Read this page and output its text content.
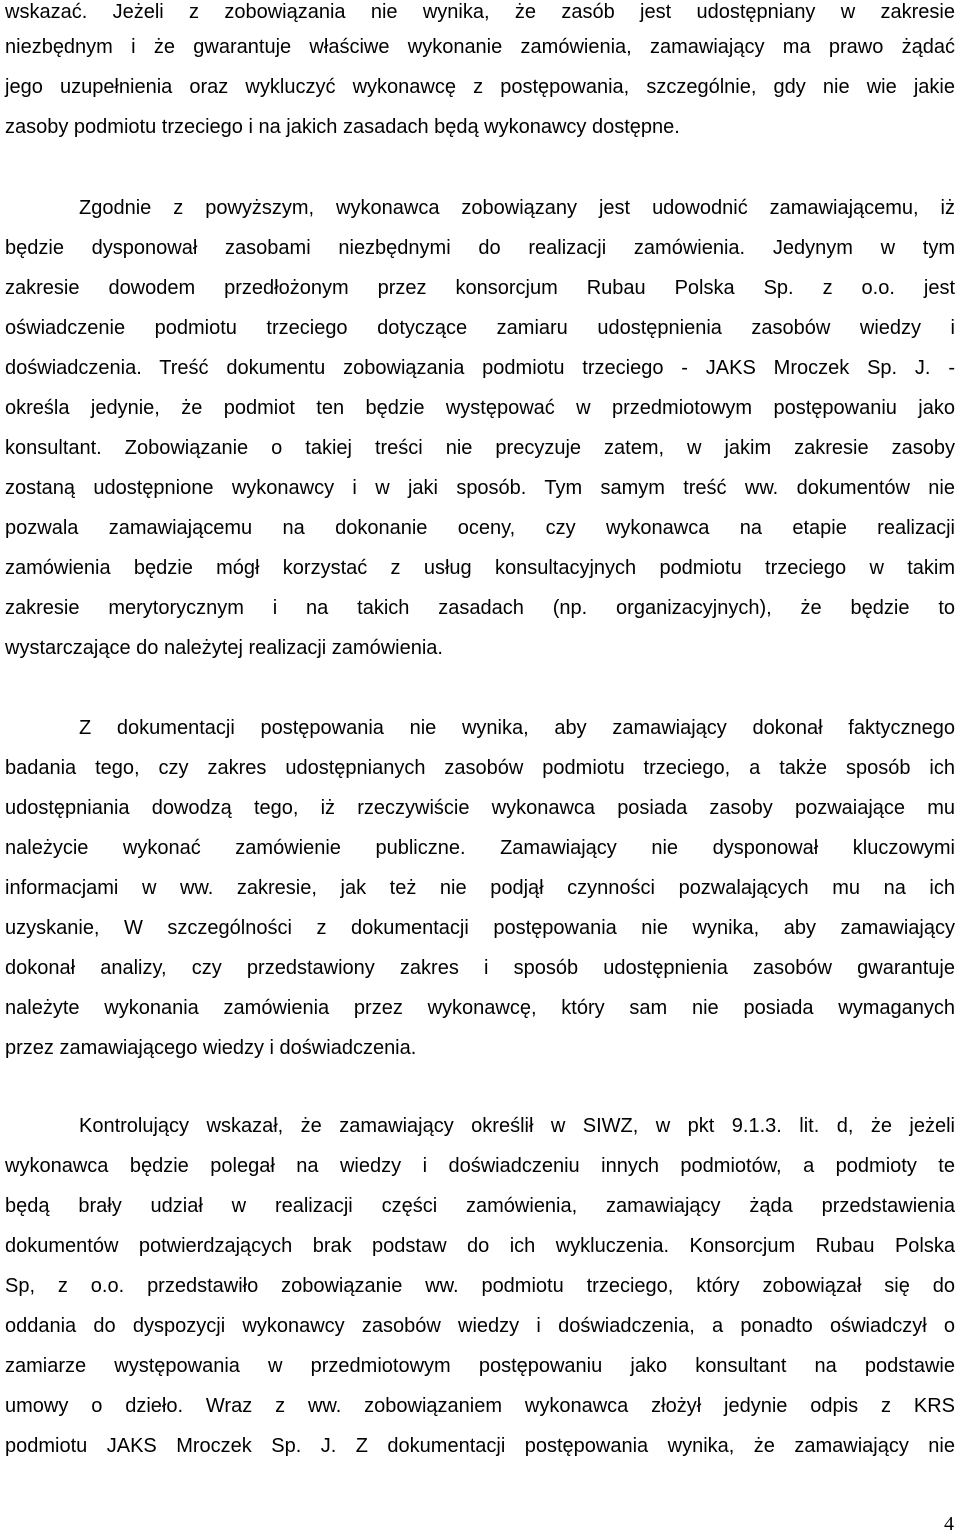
wskazać. Jeżeli z zobowiązania nie wynika, że zasób jest udostępniany w zakresie
niezbędnym i że gwarantuje właściwe wykonanie zamówienia, zamawiający ma prawo żądać
jego uzupełnienia oraz wykluczyć wykonawcę z postępowania, szczególnie, gdy nie wie jakie
zasoby podmiotu trzeciego i na jakich zasadach będą wykonawcy dostępne.
Zgodnie z powyższym, wykonawca zobowiązany jest udowodnić zamawiającemu, iż
będzie dysponował zasobami niezbędnymi do realizacji zamówienia. Jedynym w tym
zakresie dowodem przedłożonym przez konsorcjum Rubau Polska Sp. z o.o. jest
oświadczenie podmiotu trzeciego dotyczące zamiaru udostępnienia zasobów wiedzy i
doświadczenia. Treść dokumentu zobowiązania podmiotu trzeciego - JAKS Mroczek Sp. J. -
określa jedynie, że podmiot ten będzie występować w przedmiotowym postępowaniu jako
konsultant. Zobowiązanie o takiej treści nie precyzuje zatem, w jakim zakresie zasoby
zostaną udostępnione wykonawcy i w jaki sposób. Tym samym treść ww. dokumentów nie
pozwala zamawiającemu na dokonanie oceny, czy wykonawca na etapie realizacji
zamówienia będzie mógł korzystać z usług konsultacyjnych podmiotu trzeciego w takim
zakresie merytorycznym i na takich zasadach (np. organizacyjnych), że będzie to
wystarczające do należytej realizacji zamówienia.
Z dokumentacji postępowania nie wynika, aby zamawiający dokonał faktycznego
badania tego, czy zakres udostępnianych zasobów podmiotu trzeciego, a także sposób ich
udostępniania dowodzą tego, iż rzeczywiście wykonawca posiada zasoby pozwaiające mu
należycie wykonać zamówienie publiczne. Zamawiający nie dysponował kluczowymi
informacjami w ww. zakresie, jak też nie podjął czynności pozwalających mu na ich
uzyskanie, W szczególności z dokumentacji postępowania nie wynika, aby zamawiający
dokonał analizy, czy przedstawiony zakres i sposób udostępnienia zasobów gwarantuje
należyte wykonania zamówienia przez wykonawcę, który sam nie posiada wymaganych
przez zamawiającego wiedzy i doświadczenia.
Kontrolujący wskazał, że zamawiający określił w SIWZ, w pkt 9.1.3. lit. d, że jeżeli
wykonawca będzie polegał na wiedzy i doświadczeniu innych podmiotów, a podmioty te
będą brały udział w realizacji części zamówienia, zamawiający żąda przedstawienia
dokumentów potwierdzających brak podstaw do ich wykluczenia. Konsorcjum Rubau Polska
Sp, z o.o. przedstawiło zobowiązanie ww. podmiotu trzeciego, który zobowiązał się do
oddania do dyspozycji wykonawcy zasobów wiedzy i doświadczenia, a ponadto oświadczył o
zamiarze występowania w przedmiotowym postępowaniu jako konsultant na podstawie
umowy o dzieło. Wraz z ww. zobowiązaniem wykonawca złożył jedynie odpis z KRS
podmiotu JAKS Mroczek Sp. J. Z dokumentacji postępowania wynika, że zamawiający nie
4
